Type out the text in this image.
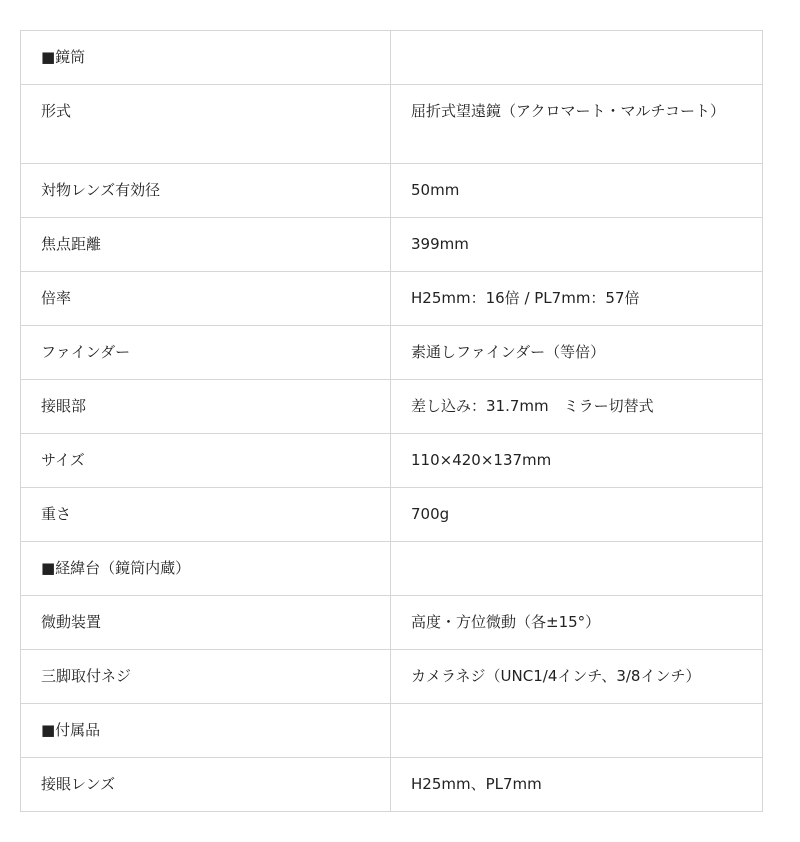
■鏡筒	
形式	屈折式望遠鏡（アクロマート・マルチコート）
対物レンズ有効径	50mm
焦点距離	399mm
倍率	H25mm：16倍 / PL7mm：57倍
ファインダー	素通しファインダー（等倍）
接眼部	差し込み：31.7mm　ミラー切替式
サイズ	110×420×137mm
重さ	700g
■経緯台（鏡筒内蔵）	
微動装置	高度・方位微動（各±15°）
三脚取付ネジ	カメラネジ（UNC1/4インチ、3/8インチ）
■付属品	
接眼レンズ	H25mm、PL7mm
